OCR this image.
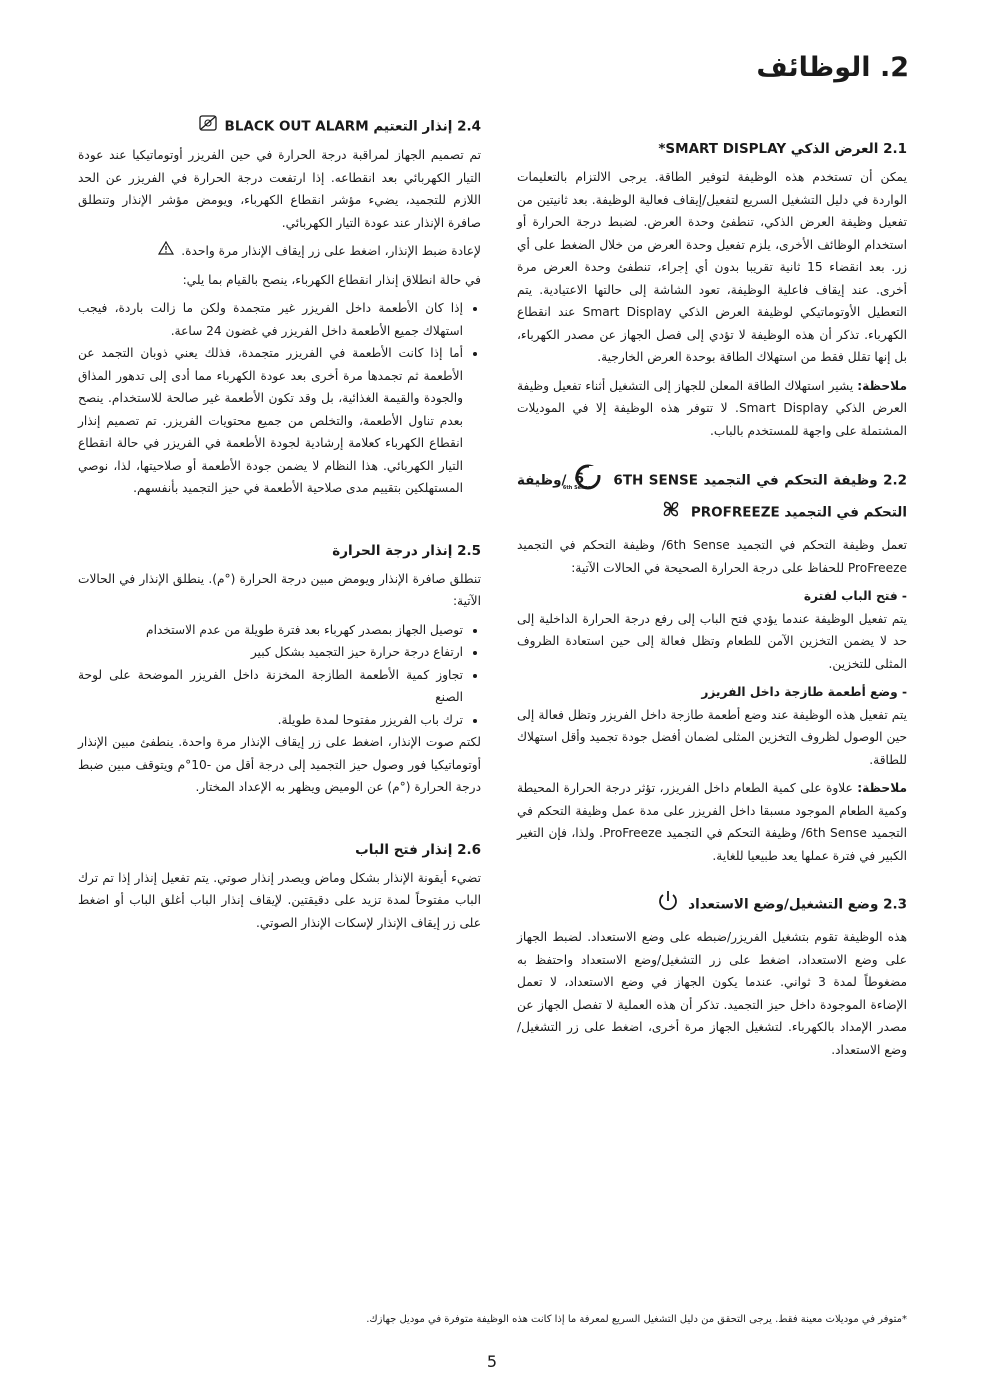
2. الوظائف
2.1 العرض الذكي SMART DISPLAY*

يمكن أن تستخدم هذه الوظيفة لتوفير الطاقة. يرجى الالتزام بالتعليمات الواردة في دليل التشغيل السريع لتفعيل/إيقاف فعالية الوظيفة. بعد ثانيتين من تفعيل وظيفة العرض الذكي، تنطفئ وحدة العرض. لضبط درجة الحرارة أو استخدام الوظائف الأخرى، يلزم تفعيل وحدة العرض من خلال الضغط على أي زر. بعد انقضاء 15 ثانية تقريبا بدون أي إجراء، تنطفئ وحدة العرض مرة أخرى. عند إيقاف فاعلية الوظيفة، تعود الشاشة إلى حالتها الاعتيادية. يتم التعطيل الأوتوماتيكي لوظيفة العرض الذكي Smart Display عند انقطاع الكهرباء. تذكر أن هذه الوظيفة لا تؤدي إلى فصل الجهاز عن مصدر الكهرباء، بل إنها تقلل فقط من استهلاك الطاقة بوحدة العرض الخارجية.

ملاحظة: يشير استهلاك الطاقة المعلن للجهاز إلى التشغيل أثناء تفعيل وظيفة العرض الذكي Smart Display. لا تتوفر هذه الوظيفة إلا في الموديلات المشتملة على واجهة للمستخدم بالباب.

2.2 وظيفة التحكم في التجميد 6TH SENSE
6
6th Sense
/وظيفة التحكم في التجميد PROFREEZE

تعمل وظيفة التحكم في التجميد 6th Sense/ وظيفة التحكم في التجميد ProFreeze للحفاظ على درجة الحرارة الصحيحة في الحالات الآتية:

- فتح الباب لفترة

يتم تفعيل الوظيفة عندما يؤدي فتح الباب إلى رفع درجة الحرارة الداخلية إلى حد لا يضمن التخزين الآمن للطعام وتظل فعالة إلى حين استعادة الظروف المثلى للتخزين.

- وضع أطعمة طازجة داخل الفريزر

يتم تفعيل هذه الوظيفة عند وضع أطعمة طازجة داخل الفريزر وتظل فعالة إلى حين الوصول لظروف التخزين المثلى لضمان أفضل جودة تجميد وأقل استهلاك للطاقة.

ملاحظة: علاوة على كمية الطعام داخل الفريزر، تؤثر درجة الحرارة المحيطة وكمية الطعام الموجود مسبقا داخل الفريزر على مدة عمل وظيفة التحكم في التجميد 6th Sense/ وظيفة التحكم في التجميد ProFreeze. ولذا، فإن التغير الكبير في فترة عملها يعد طبيعيا للغاية.

2.3 وضع التشغيل/وضع الاستعداد

هذه الوظيفة تقوم بتشغيل الفريزر/ضبطه على وضع الاستعداد. لضبط الجهاز على وضع الاستعداد، اضغط على زر التشغيل/وضع الاستعداد واحتفظ به مضغوطاً لمدة 3 ثواني. عندما يكون الجهاز في وضع الاستعداد، لا تعمل الإضاءة الموجودة داخل حيز التجميد. تذكر أن هذه العملية لا تفصل الجهاز عن مصدر الإمداد بالكهرباء. لتشغيل الجهاز مرة أخرى، اضغط على زر التشغيل/وضع الاستعداد.

2.4 إنذار التعتيم BLACK OUT ALARM

تم تصميم الجهاز لمراقبة درجة الحرارة في حين الفريزر أوتوماتيكيا عند عودة التيار الكهربائي بعد انقطاعه. إذا ارتفعت درجة الحرارة في الفريزر عن الحد اللازم للتجميد، يضيء مؤشر انقطاع الكهرباء، ويومض مؤشر الإنذار وتنطلق صافرة الإنذار عند عودة التيار الكهربائي.

لإعادة ضبط الإنذار، اضغط على زر إيقاف الإنذار مرة واحدة.

في حالة انطلاق إنذار انقطاع الكهرباء، ينصح بالقيام بما يلي:

• إذا كان الأطعمة داخل الفريزر غير متجمدة ولكن ما زالت باردة، فيجب استهلاك جميع الأطعمة داخل الفريزر في غضون 24 ساعة.
• أما إذا كانت الأطعمة في الفريزر متجمدة، فذلك يعني ذوبان التجمد عن الأطعمة ثم تجمدها مرة أخرى بعد عودة الكهرباء مما أدى إلى تدهور المذاق والجودة والقيمة الغذائية، بل وقد تكون الأطعمة غير صالحة للاستخدام. ينصح بعدم تناول الأطعمة، والتخلص من جميع محتويات الفريزر. تم تصميم إنذار انقطاع الكهرباء كعلامة إرشادية لجودة الأطعمة في الفريزر في حالة انقطاع التيار الكهربائي. هذا النظام لا يضمن جودة الأطعمة أو صلاحيتها، لذا، نوصي المستهلكين بتقييم مدى صلاحية الأطعمة في حيز التجميد بأنفسهم.
2.5 إنذار درجة الحرارة

تنطلق صافرة الإنذار ويومض مبين درجة الحرارة (°م). ينطلق الإنذار في الحالات الآتية:

• توصيل الجهاز بمصدر كهرباء بعد فترة طويلة من عدم الاستخدام
• ارتفاع درجة حرارة حيز التجميد بشكل كبير
• تجاوز كمية الأطعمة الطازجة المخزنة داخل الفريزر الموضحة على لوحة الصنع
• ترك باب الفريزر مفتوحا لمدة طويلة.

لكتم صوت الإنذار، اضغط على زر إيقاف الإنذار مرة واحدة. ينطفئ مبين الإنذار أوتوماتيكيا فور وصول حيز التجميد إلى درجة أقل من -10°م ويتوقف مبين ضبط درجة الحرارة (°م) عن الوميض ويظهر به الإعداد المختار.

2.6 إنذار فتح الباب

تضيء أيقونة الإنذار بشكل وماض ويصدر إنذار صوتي. يتم تفعيل إنذار إذا تم ترك الباب مفتوحاً لمدة تزيد على دقيقتين. لإيقاف إنذار الباب أغلق الباب أو اضغط على زر إيقاف الإنذار لإسكات الإنذار الصوتي.

*متوفر في موديلات معينة فقط. يرجى التحقق من دليل التشغيل السريع لمعرفة ما إذا كانت هذه الوظيفة متوفرة في موديل جهازك.
5
